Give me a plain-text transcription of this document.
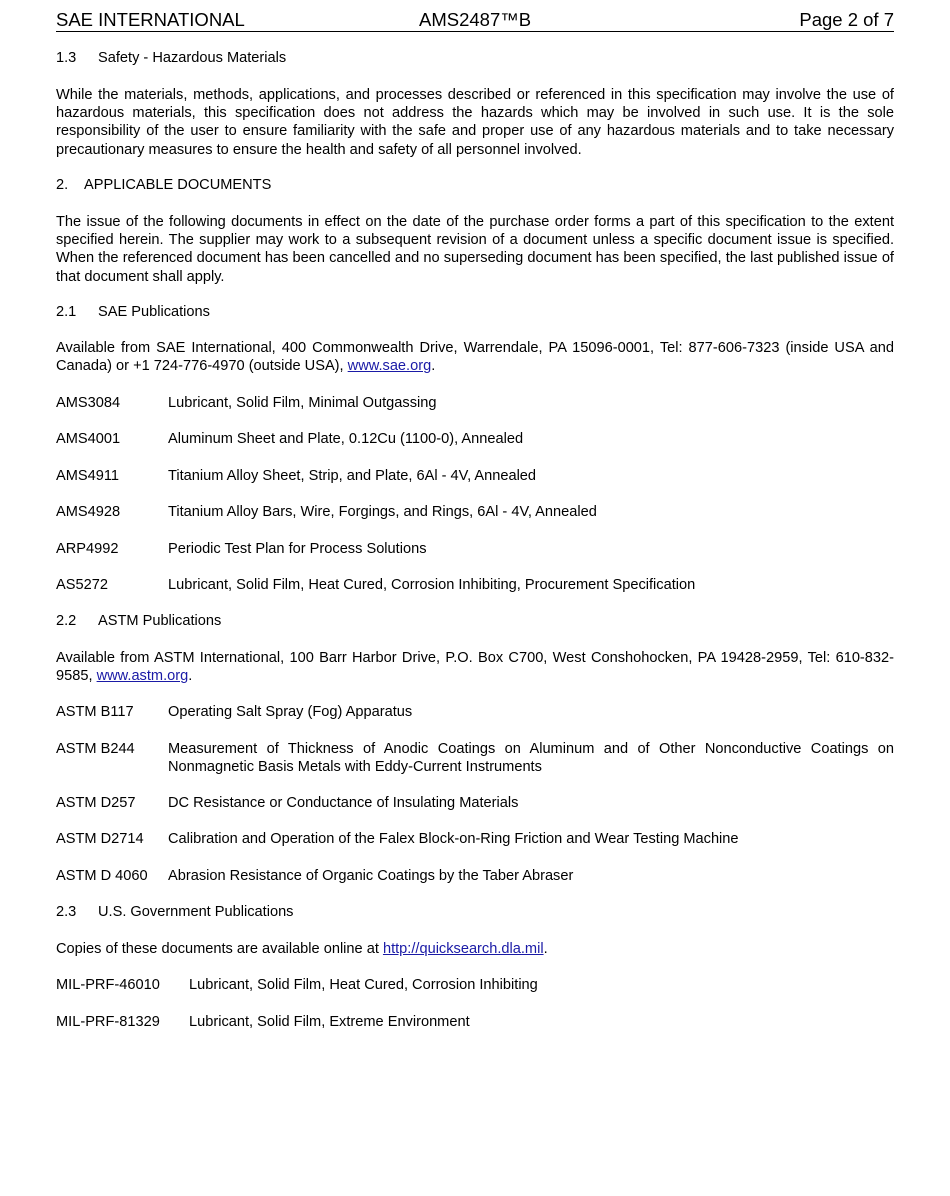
SAE INTERNATIONAL	AMS2487™B	Page 2 of 7
1.3 Safety - Hazardous Materials

While the materials, methods, applications, and processes described or referenced in this specification may involve the use of hazardous materials, this specification does not address the hazards which may be involved in such use. It is the sole responsibility of the user to ensure familiarity with the safe and proper use of any hazardous materials and to take necessary precautionary measures to ensure the health and safety of all personnel involved.

2. APPLICABLE DOCUMENTS

The issue of the following documents in effect on the date of the purchase order forms a part of this specification to the extent specified herein. The supplier may work to a subsequent revision of a document unless a specific document issue is specified. When the referenced document has been cancelled and no superseding document has been specified, the last published issue of that document shall apply.

2.1 SAE Publications

Available from SAE International, 400 Commonwealth Drive, Warrendale, PA 15096-0001, Tel: 877-606-7323 (inside USA and Canada) or +1 724-776-4970 (outside USA), www.sae.org.

AMS3084	Lubricant, Solid Film, Minimal Outgassing
AMS4001	Aluminum Sheet and Plate, 0.12Cu (1100-0), Annealed
AMS4911	Titanium Alloy Sheet, Strip, and Plate, 6Al - 4V, Annealed
AMS4928	Titanium Alloy Bars, Wire, Forgings, and Rings, 6Al - 4V, Annealed
ARP4992	Periodic Test Plan for Process Solutions
AS5272	Lubricant, Solid Film, Heat Cured, Corrosion Inhibiting, Procurement Specification
2.2 ASTM Publications

Available from ASTM International, 100 Barr Harbor Drive, P.O. Box C700, West Conshohocken, PA 19428-2959, Tel: 610-832-9585, www.astm.org.

ASTM B117 Operating Salt Spray (Fog) Apparatus
ASTM B244 Measurement of Thickness of Anodic Coatings on Aluminum and of Other Nonconductive Coatings on Nonmagnetic Basis Metals with Eddy-Current Instruments
ASTM D257 DC Resistance or Conductance of Insulating Materials
ASTM D2714 Calibration and Operation of the Falex Block-on-Ring Friction and Wear Testing Machine
ASTM D 4060 Abrasion Resistance of Organic Coatings by the Taber Abraser
2.3 U.S. Government Publications

Copies of these documents are available online at http://quicksearch.dla.mil.

MIL-PRF-46010 Lubricant, Solid Film, Heat Cured, Corrosion Inhibiting
MIL-PRF-81329 Lubricant, Solid Film, Extreme Environment
